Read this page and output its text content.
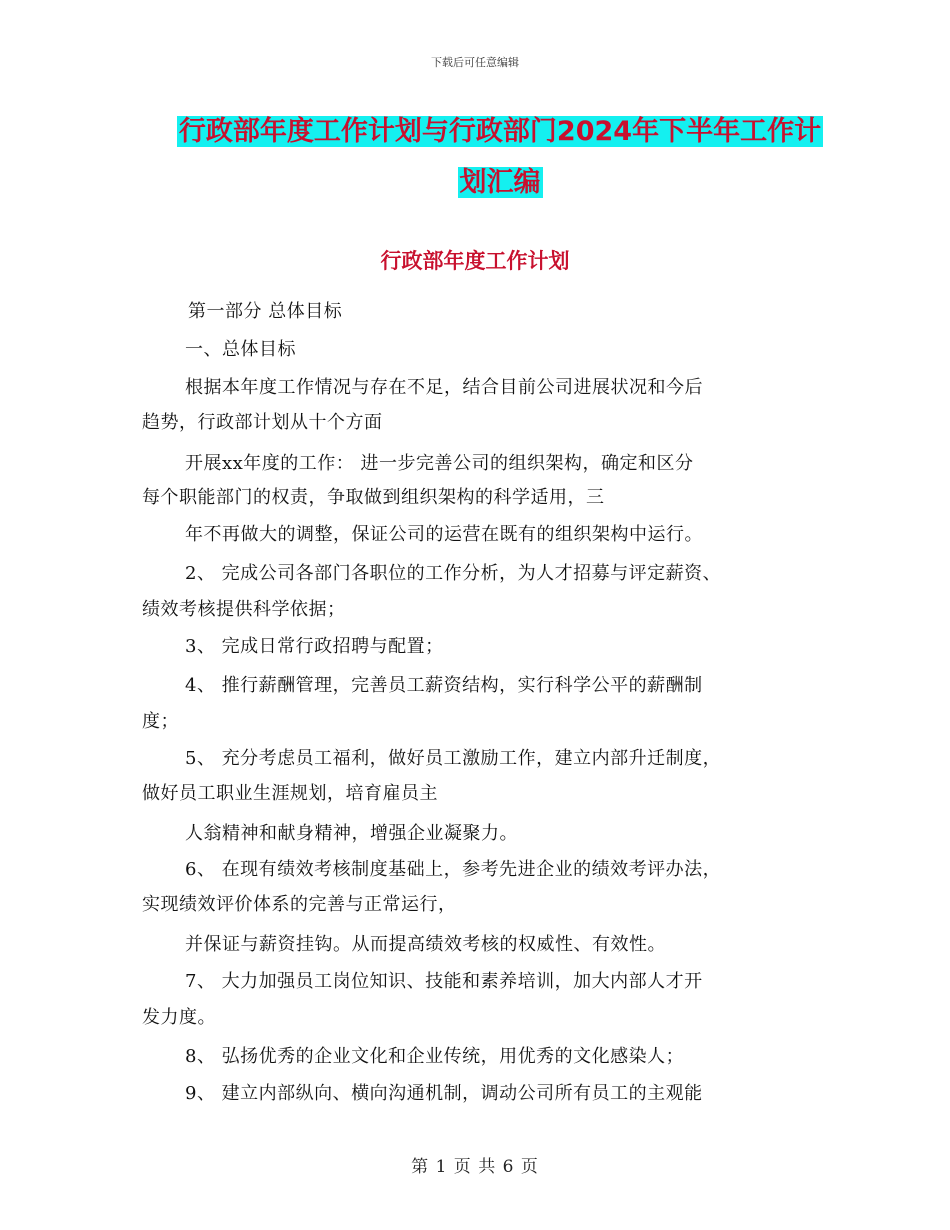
下载后可任意编辑
行政部年度工作计划与行政部门2024年下半年工作计
划汇编
行政部年度工作计划
第一部分 总体目标
一、总体目标
根据本年度工作情况与存在不足，结合目前公司进展状况和今后
趋势，行政部计划从十个方面
开展xx年度的工作： 进一步完善公司的组织架构，确定和区分
每个职能部门的权责，争取做到组织架构的科学适用，三
年不再做大的调整，保证公司的运营在既有的组织架构中运行。
2、 完成公司各部门各职位的工作分析，为人才招募与评定薪资、
绩效考核提供科学依据；
3、 完成日常行政招聘与配置；
4、 推行薪酬管理，完善员工薪资结构，实行科学公平的薪酬制
度；
5、 充分考虑员工福利，做好员工激励工作，建立内部升迁制度，
做好员工职业生涯规划，培育雇员主
人翁精神和献身精神，增强企业凝聚力。
6、 在现有绩效考核制度基础上，参考先进企业的绩效考评办法，
实现绩效评价体系的完善与正常运行，
并保证与薪资挂钩。从而提高绩效考核的权威性、有效性。
7、 大力加强员工岗位知识、技能和素养培训，加大内部人才开
发力度。
8、 弘扬优秀的企业文化和企业传统，用优秀的文化感染人；
9、 建立内部纵向、横向沟通机制，调动公司所有员工的主观能
第 1 页 共 6 页
